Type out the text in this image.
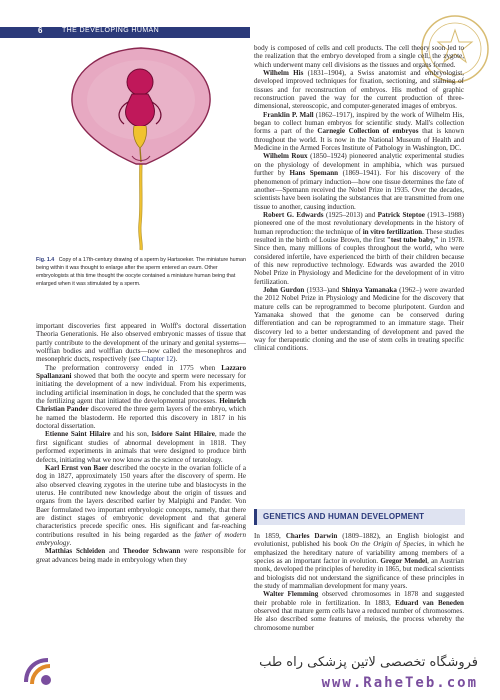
6	THE DEVELOPING HUMAN
Fig. 1.4 Copy of a 17th-century drawing of a sperm by Hartsoeker. The miniature human being within it was thought to enlarge after the sperm entered an ovum. Other embryologists at this time thought the oocyte contained a miniature human being that enlarged when it was stimulated by a sperm.

important discoveries first appeared in Wolff's doctoral dissertation Theoria Generationis. He also observed embryonic masses of tissue that partly contribute to the development of the urinary and genital systems—wolffian bodies and wolffian ducts—now called the mesonephros and mesonephric ducts, respectively (see Chapter 12).

The preformation controversy ended in 1775 when Lazzaro Spallanzani showed that both the oocyte and sperm were necessary for initiating the development of a new individual. From his experiments, including artificial insemination in dogs, he concluded that the sperm was the fertilizing agent that initiated the developmental processes. Heinrich Christian Pander discovered the three germ layers of the embryo, which he named the blastoderm. He reported this discovery in 1817 in his doctoral dissertation.

Etienne Saint Hilaire and his son, Isidore Saint Hilaire, made the first significant studies of abnormal development in 1818. They performed experiments in animals that were designed to produce birth defects, initiating what we now know as the science of teratology.

Karl Ernst von Baer described the oocyte in the ovarian follicle of a dog in 1827, approximately 150 years after the discovery of sperm. He also observed cleaving zygotes in the uterine tube and blastocysts in the uterus. He contributed new knowledge about the origin of tissues and organs from the layers described earlier by Malpighi and Pander. Von Baer formulated two important embryologic concepts, namely, that there are distinct stages of embryonic development and that general characteristics precede specific ones. His significant and far-reaching contributions resulted in his being regarded as the father of modern embryology.

Matthias Schleiden and Theodor Schwann were responsible for great advances being made in embryology when they

body is composed of cells and cell products. The cell theory soon led to the realization that the embryo developed from a single cell, the zygote, which underwent many cell divisions as the tissues and organs formed.

Wilhelm His (1831–1904), a Swiss anatomist and embryologist, developed improved techniques for fixation, sectioning, and staining of tissues and for reconstruction of embryos. His method of graphic reconstruction paved the way for the current production of three-dimensional, stereoscopic, and computer-generated images of embryos.

Franklin P. Mall (1862–1917), inspired by the work of Wilhelm His, began to collect human embryos for scientific study. Mall's collection forms a part of the Carnegie Collection of embryos that is known throughout the world. It is now in the National Museum of Health and Medicine in the Armed Forces Institute of Pathology in Washington, DC.

Wilhelm Roux (1850–1924) pioneered analytic experimental studies on the physiology of development in amphibia, which was pursued further by Hans Spemann (1869–1941). For his discovery of the phenomenon of primary induction—how one tissue determines the fate of another—Spemann received the Nobel Prize in 1935. Over the decades, scientists have been isolating the substances that are transmitted from one tissue to another, causing induction.

Robert G. Edwards (1925–2013) and Patrick Steptoe (1913–1988) pioneered one of the most revolutionary developments in the history of human reproduction: the technique of in vitro fertilization. These studies resulted in the birth of Louise Brown, the first "test tube baby," in 1978. Since then, many millions of couples throughout the world, who were considered infertile, have experienced the birth of their children because of this new reproductive technology. Edwards was awarded the 2010 Nobel Prize in Physiology and Medicine for the development of in vitro fertilization.

John Gurdon (1933–)and Shinya Yamanaka (1962–) were awarded the 2012 Nobel Prize in Physiology and Medicine for the discovery that mature cells can be reprogrammed to become pluripotent. Gurdon and Yamanaka showed that the genome can be conserved during differentiation and can be reprogrammed to an immature stage. Their discovery led to a better understanding of development and paved the way for therapeutic cloning and the use of stem cells in treating specific clinical conditions.

GENETICS AND HUMAN DEVELOPMENT

In 1859, Charles Darwin (1809–1882), an English biologist and evolutionist, published his book On the Origin of Species, in which he emphasized the hereditary nature of variability among members of a species as an important factor in evolution. Gregor Mendel, an Austrian monk, developed the principles of heredity in 1865, but medical scientists and biologists did not understand the significance of these principles in the study of mammalian development for many years.

Walter Flemming observed chromosomes in 1878 and suggested their probable role in fertilization. In 1883, Eduard van Beneden observed that mature germ cells have a reduced number of chromosomes. He also described some features of meiosis, the process whereby the chromosome number

فروشگاه تخصصی لاتین پزشکی راه طب
www.RaheTeb.com
